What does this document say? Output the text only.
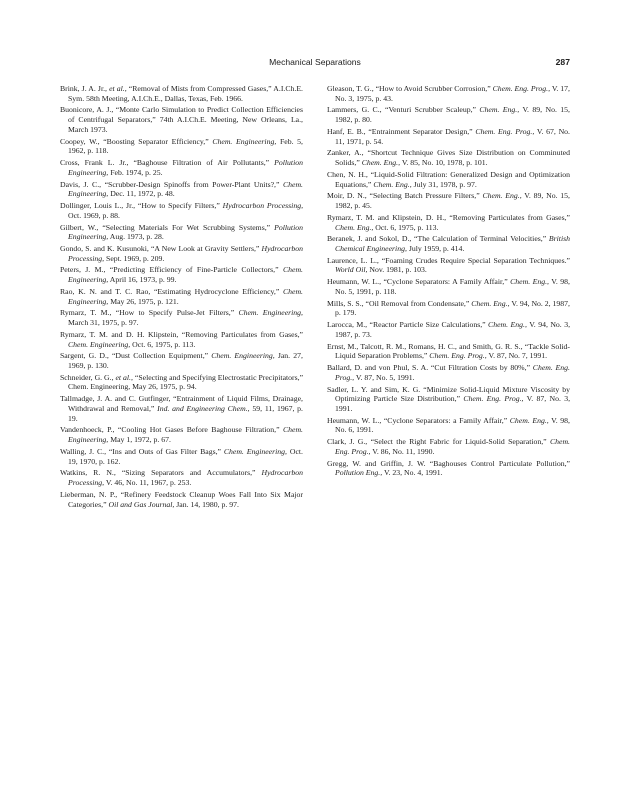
Mechanical Separations	287

Brink, J. A. Jr., et al., “Removal of Mists from Compressed Gases,” A.I.Ch.E. Sym. 58th Meeting, A.I.Ch.E., Dallas, Texas, Feb. 1966.

Buonicore, A. J., “Monte Carlo Simulation to Predict Collection Efficiencies of Centrifugal Separators,” 74th A.I.Ch.E. Meeting, New Orleans, La., March 1973.

Coopey, W., “Boosting Separator Efficiency,” Chem. Engineering, Feb. 5, 1962, p. 118.

Cross, Frank L. Jr., “Baghouse Filtration of Air Pollutants,” Pollution Engineering, Feb. 1974, p. 25.

Davis, J. C., “Scrubber-Design Spinoffs from Power-Plant Units?,” Chem. Engineering, Dec. 11, 1972, p. 48.

Dollinger, Louis L., Jr., “How to Specify Filters,” Hydrocarbon Processing, Oct. 1969, p. 88.

Gilbert, W., “Selecting Materials For Wet Scrubbing Systems,” Pollution Engineering, Aug. 1973, p. 28.

Gondo, S. and K. Kusunoki, “A New Look at Gravity Settlers,” Hydrocarbon Processing, Sept. 1969, p. 209.

Peters, J. M., “Predicting Efficiency of Fine-Particle Collectors,” Chem. Engineering, April 16, 1973, p. 99.

Rao, K. N. and T. C. Rao, “Estimating Hydrocyclone Efficiency,” Chem. Engineering, May 26, 1975, p. 121.

Rymarz, T. M., “How to Specify Pulse-Jet Filters,” Chem. Engineering, March 31, 1975, p. 97.

Rymarz, T. M. and D. H. Klipstein, “Removing Particulates from Gases,” Chem. Engineering, Oct. 6, 1975, p. 113.

Sargent, G. D., “Dust Collection Equipment,” Chem. Engineering, Jan. 27, 1969, p. 130.

Schneider, G. G., et al., “Selecting and Specifying Electrostatic Precipitators,” Chem. Engineering, May 26, 1975, p. 94.

Tallmadge, J. A. and C. Gutfinger, “Entrainment of Liquid Films, Drainage, Withdrawal and Removal,” Ind. and Engineering Chem., 59, 11, 1967, p. 19.

Vandenhoeck, P., “Cooling Hot Gases Before Baghouse Filtration,” Chem. Engineering, May 1, 1972, p. 67.

Walling, J. C., “Ins and Outs of Gas Filter Bags,” Chem. Engineering, Oct. 19, 1970, p. 162.

Watkins, R. N., “Sizing Separators and Accumulators,” Hydrocarbon Processing, V. 46, No. 11, 1967, p. 253.

Lieberman, N. P., “Refinery Feedstock Cleanup Woes Fall Into Six Major Categories,” Oil and Gas Journal, Jan. 14, 1980, p. 97.

Gleason, T. G., “How to Avoid Scrubber Corrosion,” Chem. Eng. Prog., V. 17, No. 3, 1975, p. 43.

Lammers, G. C., “Venturi Scrubber Scaleup,” Chem. Eng., V. 89, No. 15, 1982, p. 80.

Hanf, E. B., “Entrainment Separator Design,” Chem. Eng. Prog., V. 67, No. 11, 1971, p. 54.

Zanker, A., “Shortcut Technique Gives Size Distribution on Comminuted Solids,” Chem. Eng., V. 85, No. 10, 1978, p. 101.

Chen, N. H., “Liquid-Solid Filtration: Generalized Design and Optimization Equations,” Chem. Eng., July 31, 1978, p. 97.

Moir, D. N., “Selecting Batch Pressure Filters,” Chem. Eng., V. 89, No. 15, 1982, p. 45.

Rymarz, T. M. and Klipstein, D. H., “Removing Particulates from Gases,” Chem. Eng., Oct. 6, 1975, p. 113.

Beranek, J. and Sokol, D., “The Calculation of Terminal Velocities,” British Chemical Engineering, July 1959, p. 414.

Laurence, L. L., “Foaming Crudes Require Special Separation Techniques.” World Oil, Nov. 1981, p. 103.

Heumann, W. L., “Cyclone Separators: A Family Affair,” Chem. Eng., V. 98, No. 5, 1991, p. 118.

Mills, S. S., “Oil Removal from Condensate,” Chem. Eng., V. 94, No. 2, 1987, p. 179.

Larocca, M., “Reactor Particle Size Calculations,” Chem. Eng., V. 94, No. 3, 1987, p. 73.

Ernst, M., Talcott, R. M., Romans, H. C., and Smith, G. R. S., “Tackle Solid-Liquid Separation Problems,” Chem. Eng. Prog., V. 87, No. 7, 1991.

Ballard, D. and von Phul, S. A. “Cut Filtration Costs by 80%,” Chem. Eng. Prog., V. 87, No. 5, 1991.

Sadler, L. Y. and Sim, K. G. “Minimize Solid-Liquid Mixture Viscosity by Optimizing Particle Size Distribution,” Chem. Eng. Prog., V. 87, No. 3, 1991.

Heumann, W. L., “Cyclone Separators: a Family Affair,” Chem. Eng., V. 98, No. 6, 1991.

Clark, J. G., “Select the Right Fabric for Liquid-Solid Separation,” Chem. Eng. Prog., V. 86, No. 11, 1990.

Gregg, W. and Griffin, J. W. “Baghouses Control Particulate Pollution,” Pollution Eng., V. 23, No. 4, 1991.
